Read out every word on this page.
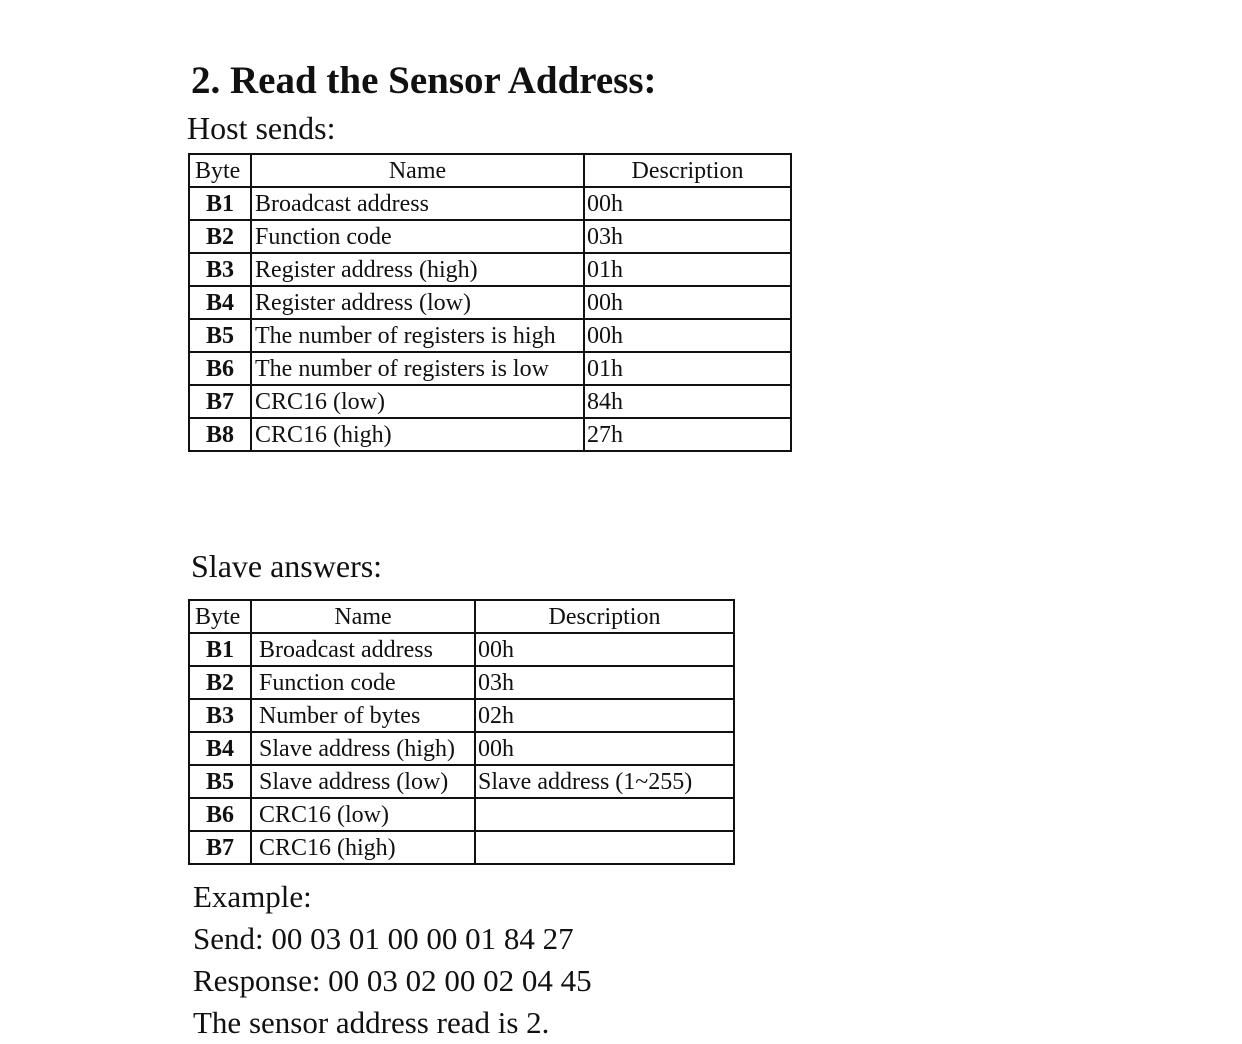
2. Read the Sensor Address:

Host sends:

Byte	Name	Description
B1	Broadcast address	00h
B2	Function code	03h
B3	Register address (high)	01h
B4	Register address (low)	00h
B5	The number of registers is high	00h
B6	The number of registers is low	01h
B7	CRC16 (low)	84h
B8	CRC16 (high)	27h

Slave answers:

Byte	Name	Description
B1	Broadcast address	00h
B2	Function code	03h
B3	Number of bytes	02h
B4	Slave address (high)	00h
B5	Slave address (low)	Slave address (1~255)
B6	CRC16 (low)	
B7	CRC16 (high)	
Example:
Send: 00 03 01 00 00 01 84 27
Response: 00 03 02 00 02 04 45
The sensor address read is 2.
